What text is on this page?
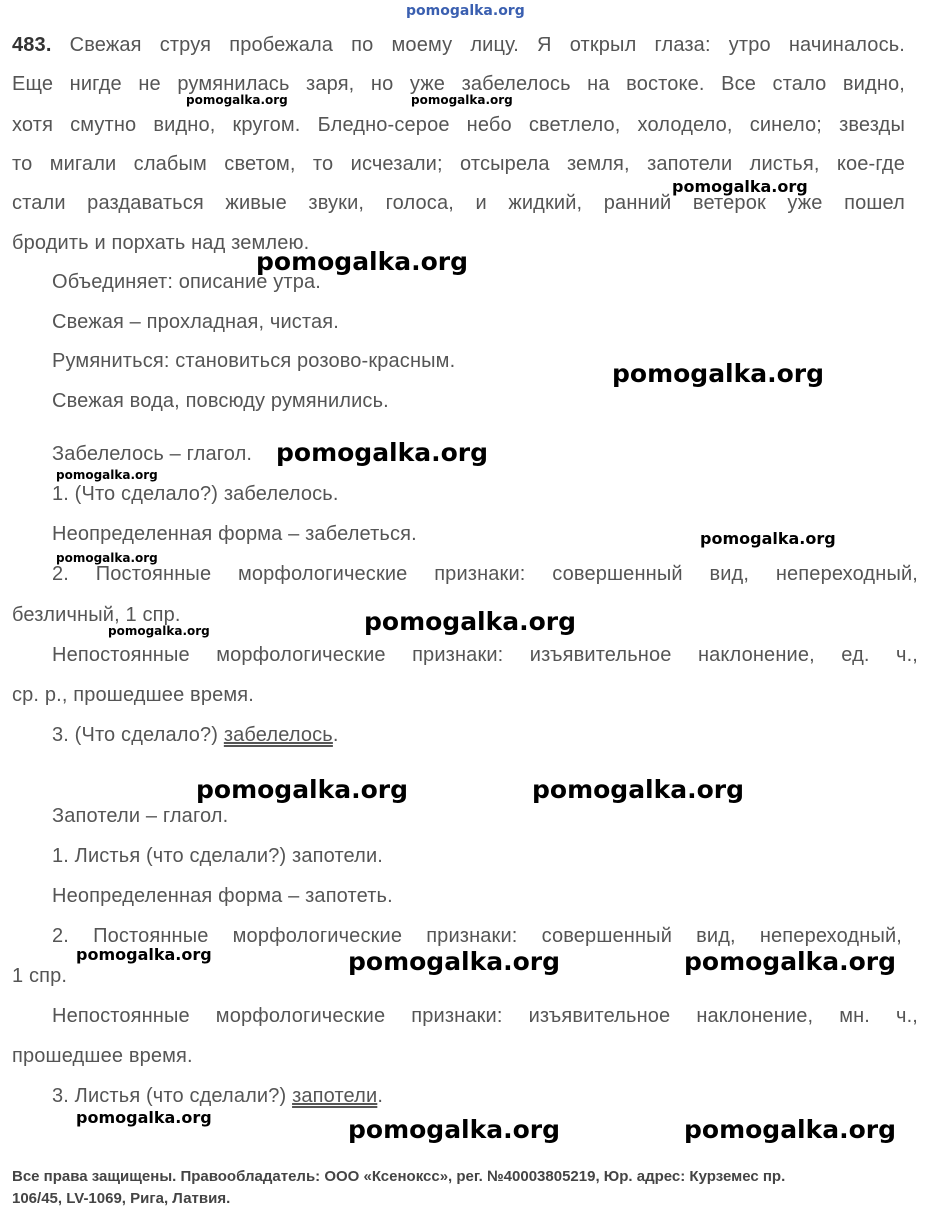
pomogalka.org
483. Свежая струя пробежала по моему лицу. Я открыл глаза: утро начиналось.
Еще нигде не румянилась заря, но уже забелелось на востоке. Все стало видно,
хотя смутно видно, кругом. Бледно-серое небо светлело, холодело, синело; звезды
то мигали слабым светом, то исчезали; отсырела земля, запотели листья, кое-где
стали раздаваться живые звуки, голоса, и жидкий, ранний ветерок уже пошел
бродить и порхать над землею.
Объединяет: описание утра.
Свежая – прохладная, чистая.
Румяниться: становиться розово-красным.
Свежая вода, повсюду румянились.
Забелелось – глагол.
1. (Что сделало?) забелелось.
Неопределенная форма – забелеться.
2. Постоянные морфологические признаки: совершенный вид, непереходный,
безличный, 1 спр.
Непостоянные морфологические признаки: изъявительное наклонение, ед. ч.,
ср. р., прошедшее время.
3. (Что сделало?) забелелось.
Запотели – глагол.
1. Листья (что сделали?) запотели.
Неопределенная форма – запотеть.
2. Постоянные морфологические признаки: совершенный вид, непереходный,
1 спр.
Непостоянные морфологические признаки: изъявительное наклонение, мн. ч.,
прошедшее время.
3. Листья (что сделали?) запотели.
pomogalka.org	pomogalka.org
pomogalka.org
pomogalka.org
pomogalka.org
pomogalka.org
pomogalka.org
pomogalka.org
pomogalka.org
pomogalka.org
pomogalka.org
pomogalka.org	pomogalka.org
pomogalka.org	pomogalka.org	pomogalka.org
pomogalka.org	pomogalka.org	pomogalka.org
Все права защищены. Правообладатель: ООО «Ксеноксс», рег. №40003805219, Юр. адрес: Курземес пр.
106/45, LV-1069, Рига, Латвия.
